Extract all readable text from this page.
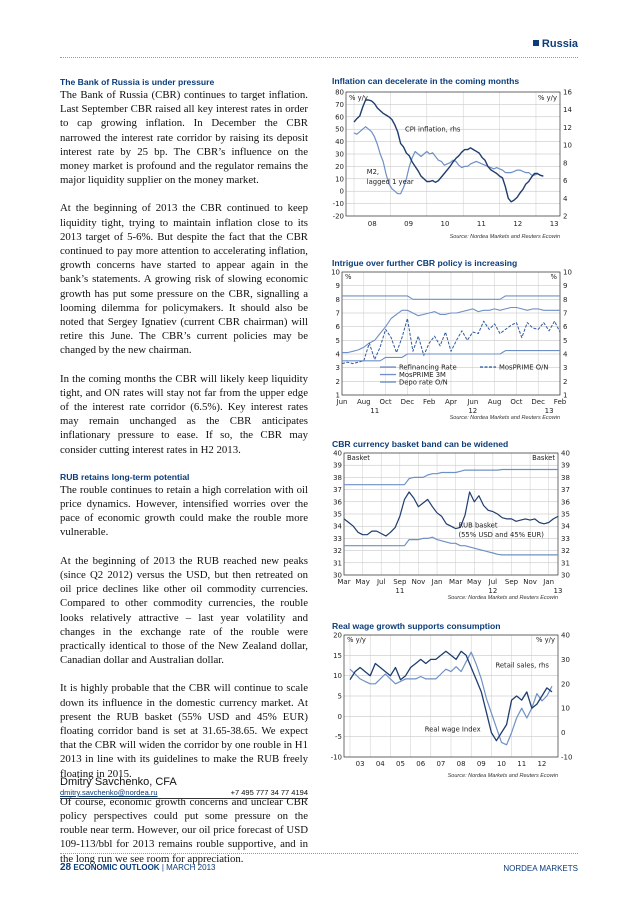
Russia
The Bank of Russia is under pressure

The Bank of Russia (CBR) continues to target inflation. Last September CBR raised all key interest rates in order to cap growing inflation. In December the CBR narrowed the interest rate corridor by raising its deposit interest rate by 25 bp. The CBR’s influence on the money market is profound and the regulator remains the major liquidity supplier on the money market.

At the beginning of 2013 the CBR continued to keep liquidity tight, trying to maintain inflation close to its 2013 target of 5-6%. But despite the fact that the CBR continued to pay more attention to accelerating inflation, growth concerns have started to appear again in the bank’s statements. A growing risk of slowing economic growth has put some pressure on the CBR, signalling a looming dilemma for policymakers. It should also be noted that Sergey Ignatiev (current CBR chairman) will retire this June. The CBR’s current policies may be changed by the new chairman.

In the coming months the CBR will likely keep liquidity tight, and ON rates will stay not far from the upper edge of the interest rate corridor (6.5%). Key interest rates may remain unchanged as the CBR anticipates inflationary pressure to ease. If so, the CBR may consider cutting interest rates in H2 2013.

RUB retains long-term potential

The rouble continues to retain a high correlation with oil price dynamics. However, intensified worries over the pace of economic growth could make the rouble more vulnerable.

At the beginning of 2013 the RUB reached new peaks (since Q2 2012) versus the USD, but then retreated on oil price declines like other oil commodity currencies. Compared to other commodity currencies, the rouble looks relatively attractive – last year volatility and changes in the exchange rate of the rouble were practically identical to those of the New Zealand dollar, Canadian dollar and Australian dollar.

It is highly probable that the CBR will continue to scale down its influence in the domestic currency market. At present the RUB basket (55% USD and 45% EUR) floating corridor band is set at 31.65-38.65. We expect that the CBR will widen the corridor by one rouble in H1 2013 in line with its guidelines to make the RUB freely floating in 2015.

Of course, economic growth concerns and unclear CBR policy perspectives could put some pressure on the rouble near term. However, our oil price forecast of USD 109-113/bbl for 2013 remains rouble supportive, and in the long run we see room for appreciation.

Dmitry Savchenko, CFA
dmitry.savchenko@nordea.ru	+7 495 777 34 77 4194
Inflation can decelerate in the coming months
-20
-10
0
10
20
30
40
50
60
70
80
2
4
6
8
10
12
14
16
08	09	10	11	12	13
% y/y	% y/y
CPI inflation, rhs
M2,
lagged 1 year
Source: Nordea Markets and Reuters Ecowin
Intrigue over further CBR policy is increasing
1	1
2	2
3	3
4	4
5	5
6	6
7	7
8	8
9	9
10	10
Jun Aug Oct Dec Feb Apr Jun Aug Oct Dec Feb
11	12	13
%	%
Refinancing Rate
MosPRIME 3M
Depo rate O/N
MosPRIME O/N
Source: Nordea Markets and Reuters Ecowin
CBR currency basket band can be widened
30	30
31	31
32	32
33	33
34	34
35	35
36	36
37	37
38	38
39	39
40	40
Mar May Jul Sep Nov Jan Mar May Jul Sep Nov Jan
11	12	13
Basket	Basket
RUB basket
(55% USD and 45% EUR)
Source: Nordea Markets and Reuters Ecowin
Real wage growth supports consumption
-10
-5
0
5
10
15
20
-10
0
10
20
30
40
03 04 05 06 07 08 09 10 11 12
% y/y	% y/y
Retail sales, rhs
Real wage Index
Source: Nordea Markets and Reuters Ecowin
28 ECONOMIC OUTLOOK | MARCH 2013	NORDEA MARKETS
